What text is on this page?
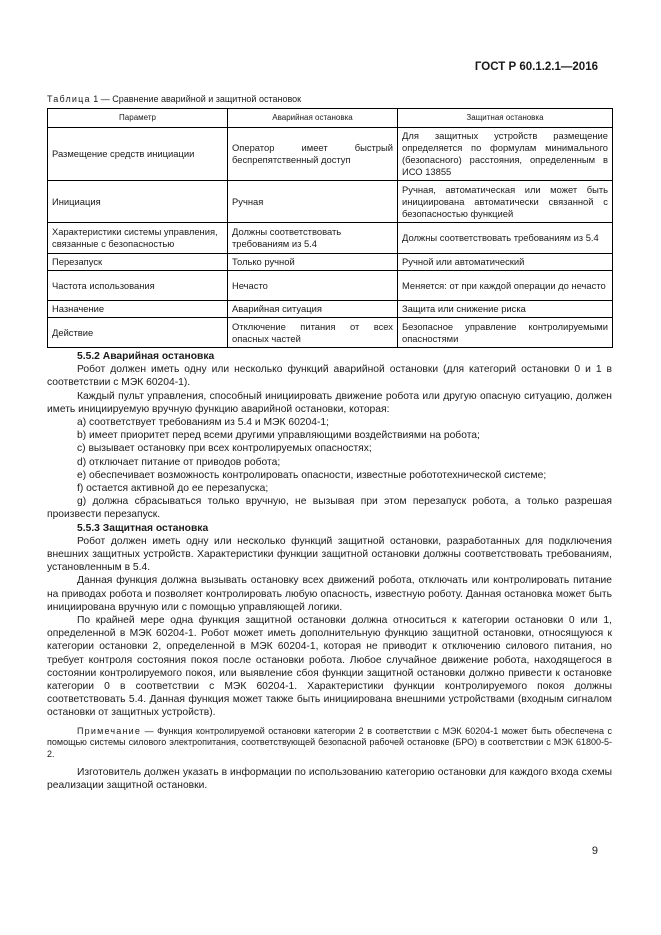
ГОСТ Р 60.1.2.1—2016
Таблица 1 — Сравнение аварийной и защитной остановок
Параметр	Аварийная остановка	Защитная остановка
Размещение средств инициации	Оператор имеет быстрый беспрепятственный доступ	Для защитных устройств размещение определяется по формулам минимального (безопасного) расстояния, определенным в ИСО 13855
Инициация	Ручная	Ручная, автоматическая или может быть инициирована автоматически связанной с безопасностью функцией
Характеристики системы управления, связанные с безопасностью	Должны соответствовать требованиям из 5.4	Должны соответствовать требованиям из 5.4
Перезапуск	Только ручной	Ручной или автоматический
Частота использования	Нечасто	Меняется: от при каждой операции до нечасто
Назначение	Аварийная ситуация	Защита или снижение риска
Действие	Отключение питания от всех опасных частей	Безопасное управление контролируемыми опасностями
5.5.2 Аварийная остановка

Робот должен иметь одну или несколько функций аварийной остановки (для категорий остановки 0 и 1 в соответствии с МЭК 60204-1).

Каждый пульт управления, способный инициировать движение робота или другую опасную ситуацию, должен иметь инициируемую вручную функцию аварийной остановки, которая:

a) соответствует требованиям из 5.4 и МЭК 60204-1;

b) имеет приоритет перед всеми другими управляющими воздействиями на робота;

c) вызывает остановку при всех контролируемых опасностях;

d) отключает питание от приводов робота;

e) обеспечивает возможность контролировать опасности, известные робототехнической системе;

f) остается активной до ее перезапуска;

g) должна сбрасываться только вручную, не вызывая при этом перезапуск робота, а только разрешая произвести перезапуск.

5.5.3 Защитная остановка

Робот должен иметь одну или несколько функций защитной остановки, разработанных для подключения внешних защитных устройств. Характеристики функции защитной остановки должны соответствовать требованиям, установленным в 5.4.

Данная функция должна вызывать остановку всех движений робота, отключать или контролировать питание на приводах робота и позволяет контролировать любую опасность, известную роботу. Данная остановка может быть инициирована вручную или с помощью управляющей логики.

По крайней мере одна функция защитной остановки должна относиться к категории остановки 0 или 1, определенной в МЭК 60204-1. Робот может иметь дополнительную функцию защитной остановки, относящуюся к категории остановки 2, определенной в МЭК 60204-1, которая не приводит к отключению силового питания, но требует контроля состояния покоя после остановки робота. Любое случайное движение робота, находящегося в состоянии контролируемого покоя, или выявление сбоя функции защитной остановки должно привести к остановке категории 0 в соответствии с МЭК 60204-1. Характеристики функции контролируемого покоя должны соответствовать 5.4. Данная функция может также быть инициирована внешними устройствами (входным сигналом остановки от защитных устройств).

Примечание — Функция контролируемой остановки категории 2 в соответствии с МЭК 60204-1 может быть обеспечена с помощью системы силового электропитания, соответствующей безопасной рабочей остановке (БРО) в соответствии с МЭК 61800-5-2.

Изготовитель должен указать в информации по использованию категорию остановки для каждого входа схемы реализации защитной остановки.

9
